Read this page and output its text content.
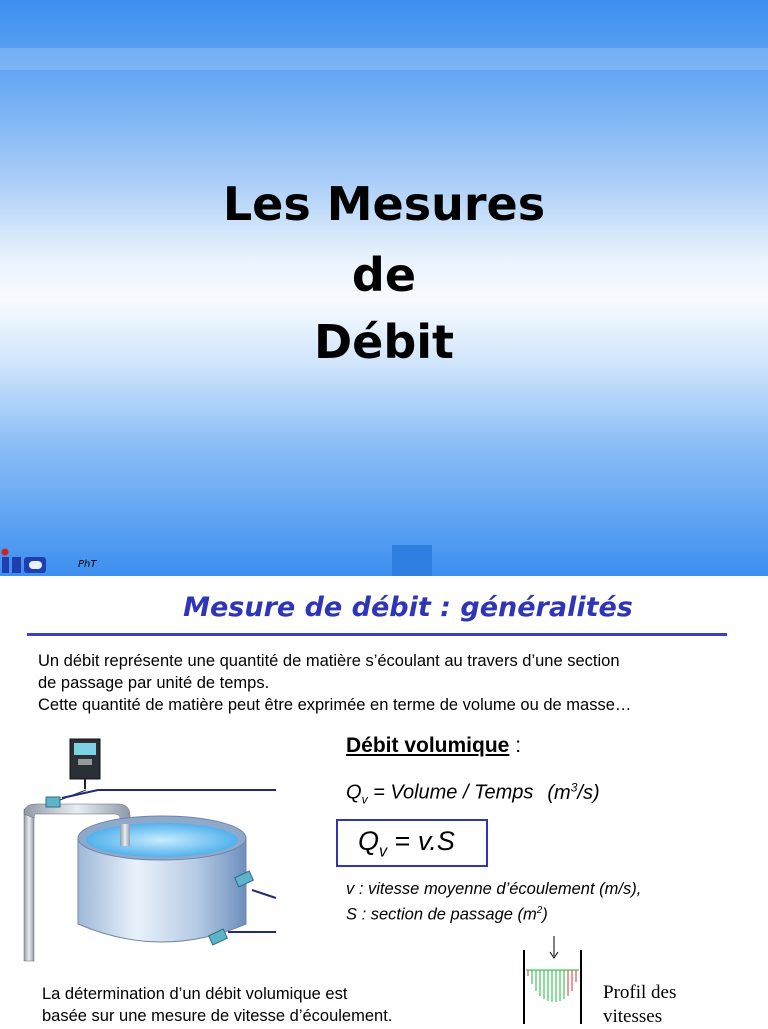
Les Mesures
de
Débit
PhT
Mesure de débit : généralités
Un débit représente une quantité de matière s’écoulant au travers d’une section
de passage par unité de temps.
Cette quantité de matière peut être exprimée en terme de volume ou de masse…
Débit volumique :
$Q_v$ = Volume / Temps $(m^3/s)$
$Q_v = v.S$
v : vitesse moyenne d’écoulement (m/s),
S : section de passage $(m^2)$
La détermination d’un débit volumique est
basée sur une mesure de vitesse d’écoulement.
Profil des
vitesses
